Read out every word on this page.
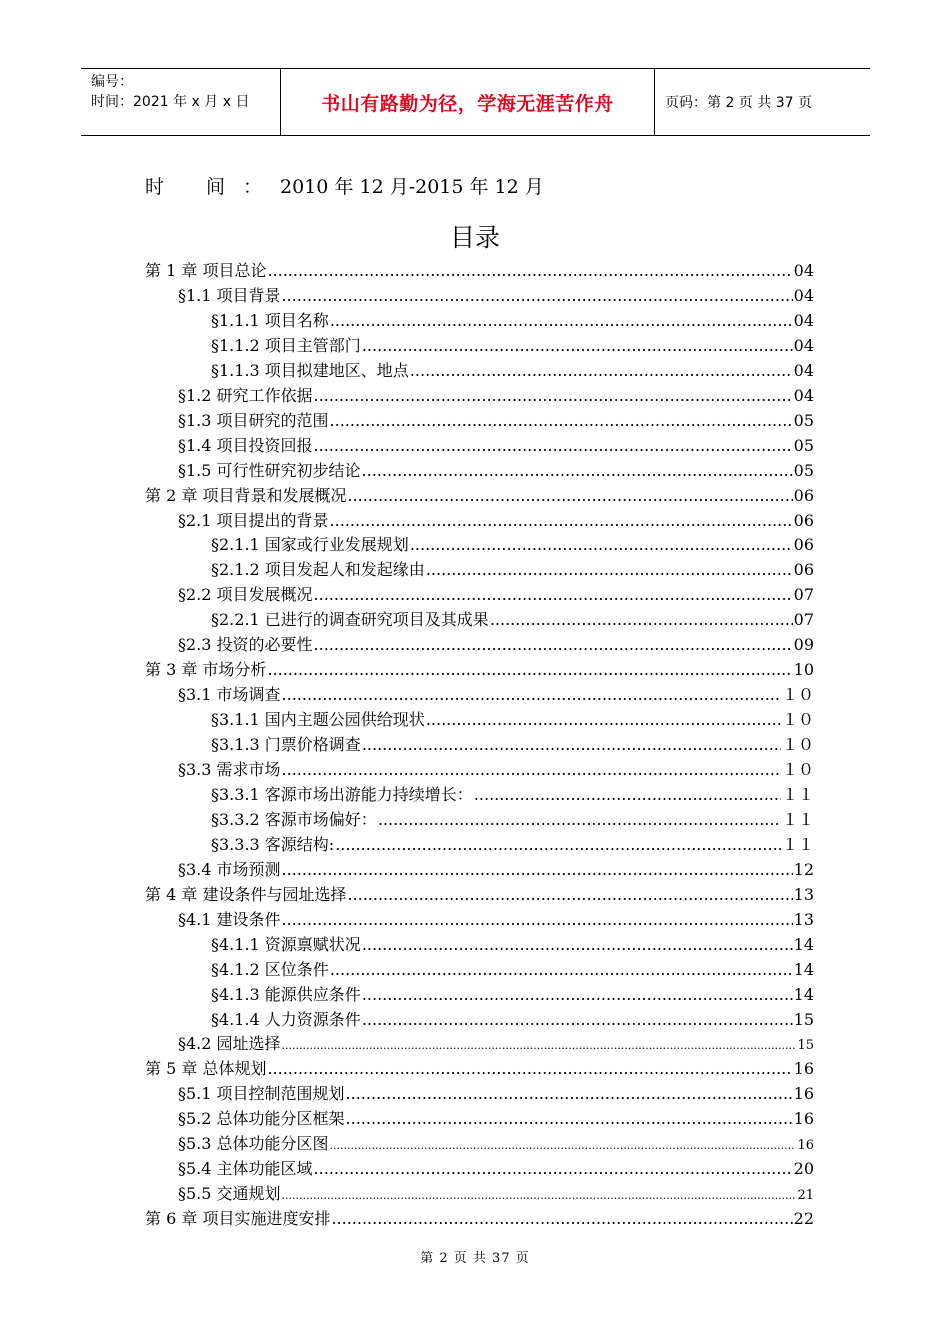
编号：
时间：2021 年 x 月 x 日	书山有路勤为径，学海无涯苦作舟	页码：第 2 页 共 37 页
时 间：2010 年 12 月-2015 年 12 月
目录
第 1 章 项目总论 .....	04
§1.1 项目背景 .....	04
§1.1.1 项目名称 .....	04
§1.1.2 项目主管部门 .....	04
§1.1.3 项目拟建地区、地点 .....	04
§1.2 研究工作依据 .....	04
§1.3 项目研究的范围 .....	05
§1.4 项目投资回报 .....	05
§1.5 可行性研究初步结论 .....	05
第 2 章 项目背景和发展概况 .....	06
§2.1 项目提出的背景 .....	06
§2.1.1 国家或行业发展规划 .....	06
§2.1.2 项目发起人和发起缘由 .....	06
§2.2 项目发展概况 .....	07
§2.2.1 已进行的调查研究项目及其成果 .....	07
§2.3 投资的必要性 .....	09
第 3 章 市场分析 .....	10
§3.1 市场调查 .....	１０
§3.1.1 国内主题公园供给现状 .....	１０
§3.1.3 门票价格调查 .....	１０
§3.3 需求市场 .....	１０
§3.3.1 客源市场出游能力持续增长： .....	１１
§3.3.2 客源市场偏好： .....	１１
§3.3.3 客源结构: .....	１１
§3.4 市场预测 .....	12
第 4 章 建设条件与园址选择 .....	13
§4.1 建设条件 .....	13
§4.1.1 资源禀赋状况 .....	14
§4.1.2 区位条件 .....	14
§4.1.3 能源供应条件 .....	14
§4.1.4 人力资源条件 .....	15
§4.2 园址选择 .....	15
第 5 章 总体规划 .....	16
§5.1 项目控制范围规划 .....	16
§5.2 总体功能分区框架 .....	16
§5.3 总体功能分区图 .....	16
§5.4 主体功能区域 .....	20
§5.5 交通规划 .....	21
第 6 章 项目实施进度安排 .....	22
第 2 页 共 37 页
